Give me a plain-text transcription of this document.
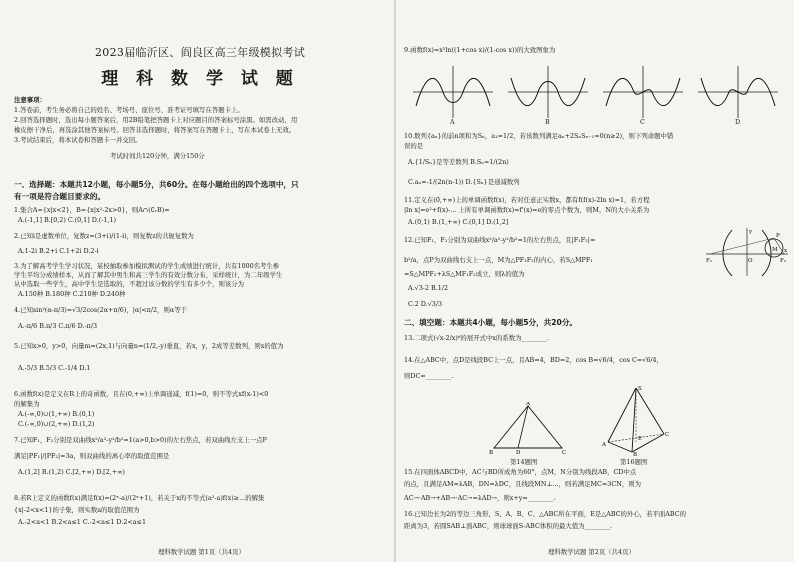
2023届临沂区、阎良区高三年级模拟考试
理 科 数 学 试 题
注意事项：
1.答卷前，考生务必将自己的姓名、考场号、座位号、准考证号填写在答题卡上。
2.回答选择题时，选出每小题答案后，用2B铅笔把答题卡上对应题目的答案标号涂黑。如需改动，用
橡皮擦干净后，再选涂其他答案标号。回答非选择题时，将答案写在答题卡上，写在本试卷上无效。
3.考试结束后，将本试卷和答题卡一并交回。
考试时间共120分钟，满分150分
一、选择题：本题共12小题，每小题5分，共60分。在每小题给出的四个选项中，只
有一项是符合题目要求的。
1.集合A={x|x<2}，B={x|x²-2x>0}，则A∩(∁ᵣB)=
A.(-1,1] B.[0,2) C.(0,1] D.(-1,1)
2.已知i是虚数单位，复数z=(3+i)/(1-i)，则复数z的共轭复数为
A.1-2i B.2+i C.1+2i D.2-i
3.为了解高考学生学习状况，某校抽取参加模拟测试的学生成绩进行统计，共有1000名考生参
学生平均分成绩样本，从而了解其中男生和高三学生的有效分数分布，采样统计，为二年级学生
从中选取一些学生，高中学生是选取的，不超过该分数的学生有多少个，则该分为
A.150种 B.180种 C.210种 D.240种
4.已知sin²(α-π/3)=√3/2cos(2α+π/6)，|α|<π/2，则α等于
A.-π/6 B.π/3 C.π/6 D.-π/3
5.已知x>0，y>0，向量m=(2x,1)与向量n=(1/2,-y)垂直，若x，y，2成等差数列，则x的值为
A.-5/3 B.5/3 C.-1/4 D.1
6.函数f(x)是定义在R上的奇函数，且在(0,+∞)上单调递减，f(1)=0，则不等式xf(x-1)<0
的解集为
A.(-∞,0)∪(1,+∞) B.(0,1)
C.(-∞,0)∪(2,+∞) D.(1,2)
7.已知F₁，F₂分别是双曲线x²/a²-y²/b²=1(a>0,b>0)的左右焦点，若双曲线左支上一点P
满足|PF₁|/|PF₂|=3a，则双曲线的离心率的取值范围是
A.(1,2] B.(1,2) C.[2,+∞) D.[2,+∞)
8.若R上定义的函数f(x)满足f(x)=(2ˣ-a)/(2ˣ+1)，若关于x的不等式(a²-a)f(x)≥...的解集
{x|-2<x<1}的子集，则实数a的取值范围为
A.-2<a<1 B.2<a≤1 C.-2<a≤1 D.2<a≤1
理科数学试题 第1页（共4页）
9.函数f(x)=x²ln((1+cos x)/(1-cos x))的大致图象为
A	B	C	D
10.数列{aₙ}的前n项和为Sₙ，a₁=1/2，若该数列满足aₙ+2SₙSₙ₋₁=0(n≥2)，则下列命题中错
误的是
A.{1/Sₙ}是等差数列 B.Sₙ=1/(2n)
C.aₙ=-1/(2n(n-1)) D.{Sₙ}是递减数列
11.定义在(0,+∞)上的单调函数f(x)，若对任意正实数x，都有f(f(x)-2ln x)=1，若方程
|ln x|=e²+f(x)-... 上所有单调函数f(x)=f'(x)=e的零点个数为，则M，N的大小关系为
A.(0,1) B.(1,+∞) C.(0,1] D.(1,2]
12.已知F₁，F₂分别为双曲线x²/a²-y²/b²=1的左右焦点，且|F₁F₂|=
b²/a，点P为双曲线右支上一点，M为△PF₁F₂的内心，若S△MPF₁
=S△MPF₂+λS△MF₁F₂成立，则λ的值为
A.√3-2 B.1/2
C.2 D.√3/3
P
F₁	O	F₂
x
y
M
二、填空题：本题共4小题，每小题5分，共20分。
13.二项式(√x-2/x)⁶的展开式中x的系数为________.
14.在△ABC中，点D是线段BC上一点，且AB=4，BD=2，cos B=√6/4，cos C=√6/4，
则DC=________.
A
B	D	C
第14题图
S
A
B
C
E
第16题图
15.在四面体ABCD中，AC与BD所成角为60°，点M，N分别为线段AB，CD中点
的点，且满足AM=λAB，DN=λDC，且线段MN⊥...，则若满足MC=3CN，则为
AC→·AB→+AB→·AC→=λAD→，则x+y=________.
16.已知边长为2的等边三角形，S、A、B、C、△ABC所在平面，E是△ABC的外心，若平面ABC的
距离为3，若圆SAB⊥面ABC，则球球面S-ABC体积的最大值为________.
理科数学试题 第2页（共4页）
